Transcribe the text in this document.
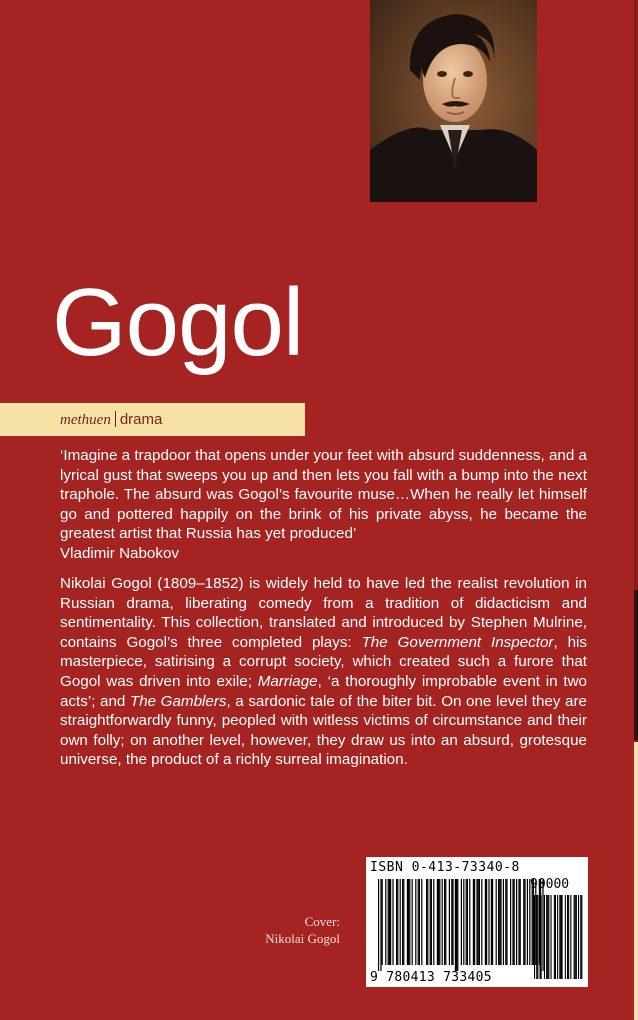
Gogol
methuen drama

‘Imagine a trapdoor that opens under your feet with absurd suddenness, and a lyrical gust that sweeps you up and then lets you fall with a bump into the next traphole. The absurd was Gogol’s favourite muse…When he really let himself go and pottered happily on the brink of his private abyss, he became the greatest artist that Russia has yet produced’
Vladimir Nabokov

Nikolai Gogol (1809–1852) is widely held to have led the realist revolution in Russian drama, liberating comedy from a tradition of didacticism and sentimentality. This collection, translated and introduced by Stephen Mulrine, contains Gogol’s three completed plays: The Government Inspector, his masterpiece, satirising a corrupt society, which created such a furore that Gogol was driven into exile; Marriage, ‘a thoroughly improbable event in two acts’; and The Gamblers, a sardonic tale of the biter bit. On one level they are straightforwardly funny, peopled with witless victims of circumstance and their own folly; on another level, however, they draw us into an absurd, grotesque universe, the product of a richly surreal imagination.

Cover:
Nikolai Gogol
ISBN 0-413-73340-8
90000
9 780413 733405
